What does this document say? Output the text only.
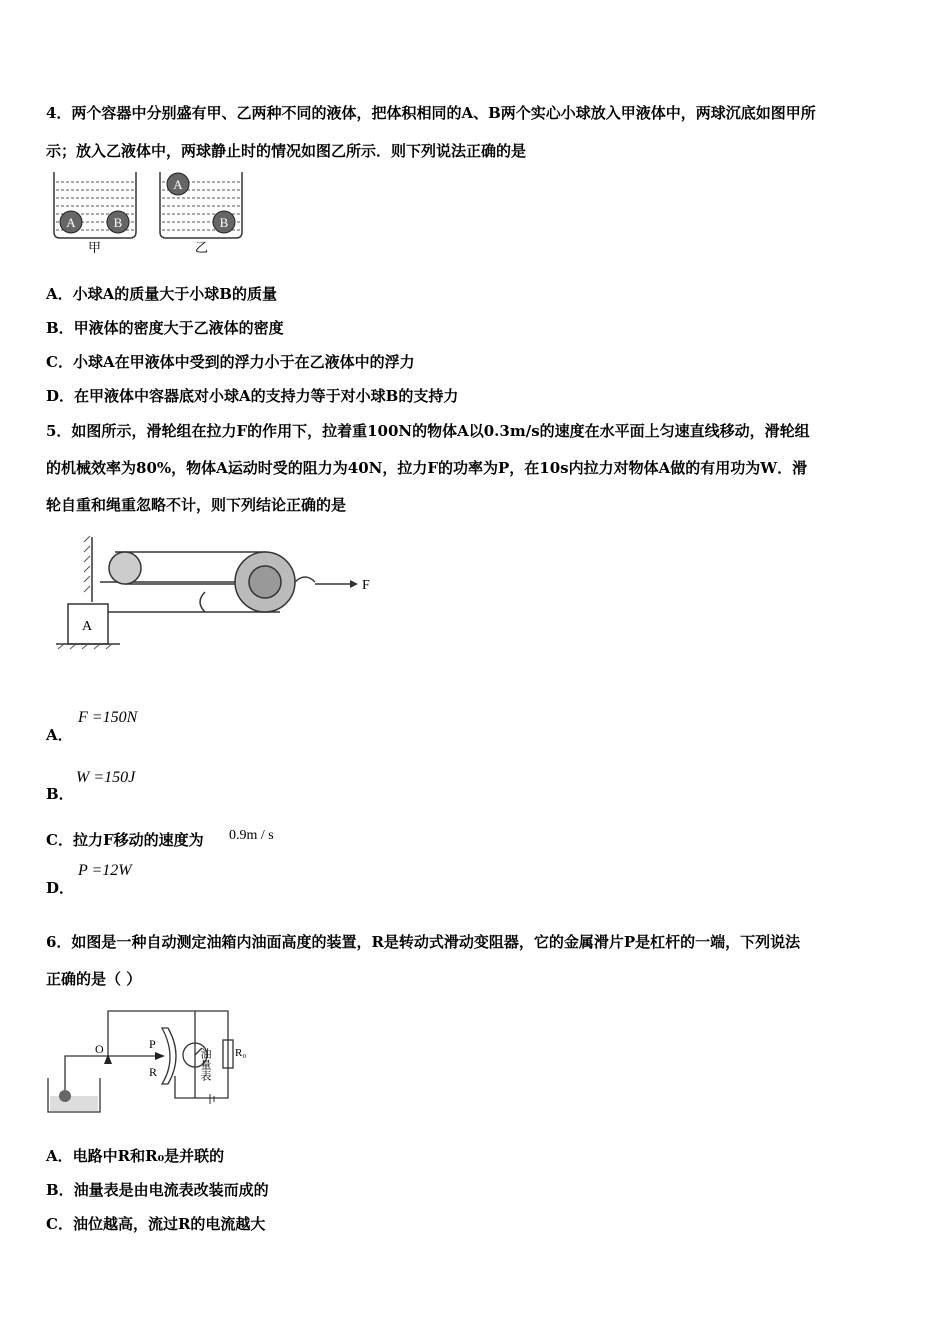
4．两个容器中分别盛有甲、乙两种不同的液体，把体积相同的A、B两个实心小球放入甲液体中，两球沉底如图甲所
示；放入乙液体中，两球静止时的情况如图乙所示．则下列说法正确的是
A	B
A
B
甲	乙
A．小球A的质量大于小球B的质量
B．甲液体的密度大于乙液体的密度
C．小球A在甲液体中受到的浮力小于在乙液体中的浮力
D．在甲液体中容器底对小球A的支持力等于对小球B的支持力
5．如图所示，滑轮组在拉力F的作用下，拉着重100N的物体A以0.3m/s的速度在水平面上匀速直线移动，滑轮组
的机械效率为80%，物体A运动时受的阻力为40N，拉力F的功率为P，在10s内拉力对物体A做的有用功为W．滑
轮自重和绳重忽略不计，则下列结论正确的是
A
F
A．
F =150N
B．
W =150J
C．拉力F移动的速度为 0.9m / s
D．
P =12W
6．如图是一种自动测定油箱内油面高度的装置，R是转动式滑动变阻器，它的金属滑片P是杠杆的一端，下列说法
正确的是（ ）
O	P
R	油量表 R₀
A．电路中R和R₀是并联的
B．油量表是由电流表改装而成的
C．油位越高，流过R的电流越大
